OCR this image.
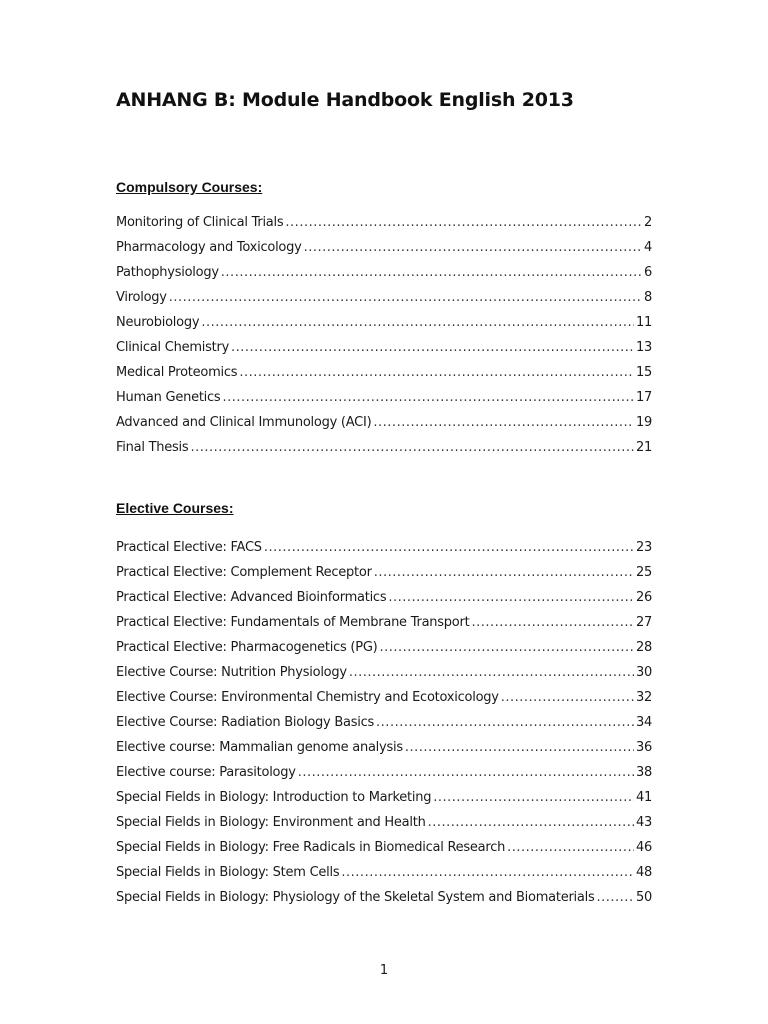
ANHANG B: Module Handbook English 2013
Compulsory Courses:
Monitoring of Clinical Trials .....	2
Pharmacology and Toxicology .....	4
Pathophysiology .....	6
Virology .....	8
Neurobiology .....	11
Clinical Chemistry .....	13
Medical Proteomics .....	15
Human Genetics .....	17
Advanced and Clinical Immunology (ACI) .....	19
Final Thesis .....	21
Elective Courses:
Practical Elective: FACS .....	23
Practical Elective: Complement Receptor .....	25
Practical Elective: Advanced Bioinformatics .....	26
Practical Elective: Fundamentals of Membrane Transport .....	27
Practical Elective: Pharmacogenetics (PG) .....	28
Elective Course: Nutrition Physiology .....	30
Elective Course: Environmental Chemistry and Ecotoxicology .....	32
Elective Course: Radiation Biology Basics .....	34
Elective course: Mammalian genome analysis .....	36
Elective course: Parasitology .....	38
Special Fields in Biology: Introduction to Marketing .....	41
Special Fields in Biology: Environment and Health .....	43
Special Fields in Biology: Free Radicals in Biomedical Research .....	46
Special Fields in Biology: Stem Cells .....	48
Special Fields in Biology: Physiology of the Skeletal System and Biomaterials .....	50
1
